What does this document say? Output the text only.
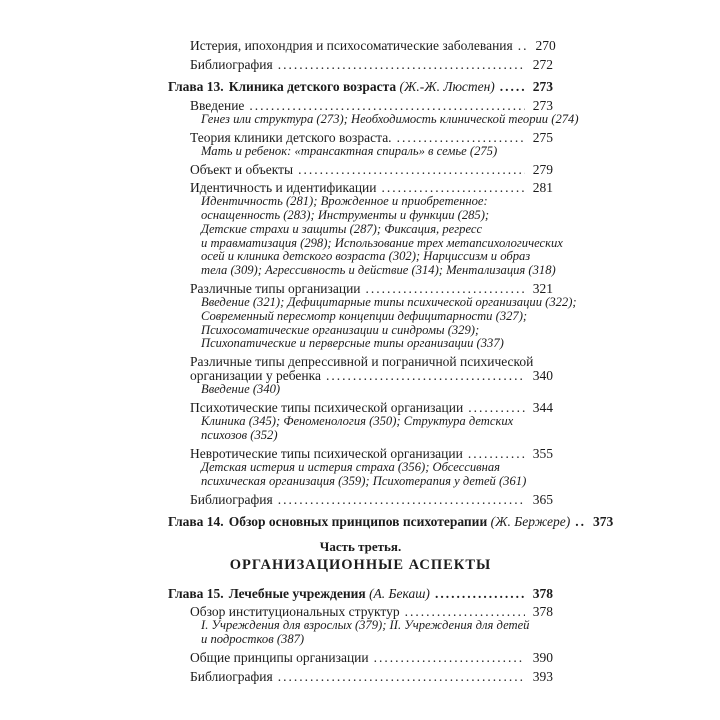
Истерия, ипохондрия и психосоматические заболевания ..... 270
Библиография .....	272
Глава 13. Клиника детского возраста
(Ж.-Ж. Люстен) .....	273
Введение .....	273
Генез или структура (273); Необходимость клинической теории (274)
Теория клиники детского возраста. .....	275
Мать и ребенок: «трансактная спираль» в семье (275)
Объект и объекты .....	279
Идентичность и идентификации .....	281
Идентичность (281); Врожденное и приобретенное:
оснащенность (283); Инструменты и функции (285);
Детские страхи и защиты (287); Фиксация, регресс
и травматизация (298); Использование трех метапсихологических
осей и клиника детского возраста (302); Нарциссизм и образ
тела (309); Агрессивность и действие (314); Ментализация (318)
Различные типы организации .....	321
Введение (321); Дефицитарные типы психической организации (322);
Современный пересмотр концепции дефицитарности (327);
Психосоматические организации и синдромы (329);
Психопатические и перверсные типы организации (337)
Различные типы депрессивной и пограничной психической
организации у ребенка .....	340
Введение (340)
Психотические типы психической организации .....	344
Клиника (345); Феноменология (350); Структура детских
психозов (352)
Невротические типы психической организации .....	355
Детская истерия и истерия страха (356); Обсессивная
психическая организация (359); Психотерапия у детей (361)
Библиография .....	365
Глава 14. Обзор основных принципов психотерапии
(Ж. Бержере) ..... 373
Часть третья.
ОРГАНИЗАЦИОННЫЕ АСПЕКТЫ
Глава 15. Лечебные учреждения
(А. Бекаш) .....	378
Обзор институциональных структур .....	378
I. Учреждения для взрослых (379); II. Учреждения для детей
и подростков (387)
Общие принципы организации .....	390
Библиография .....	393
